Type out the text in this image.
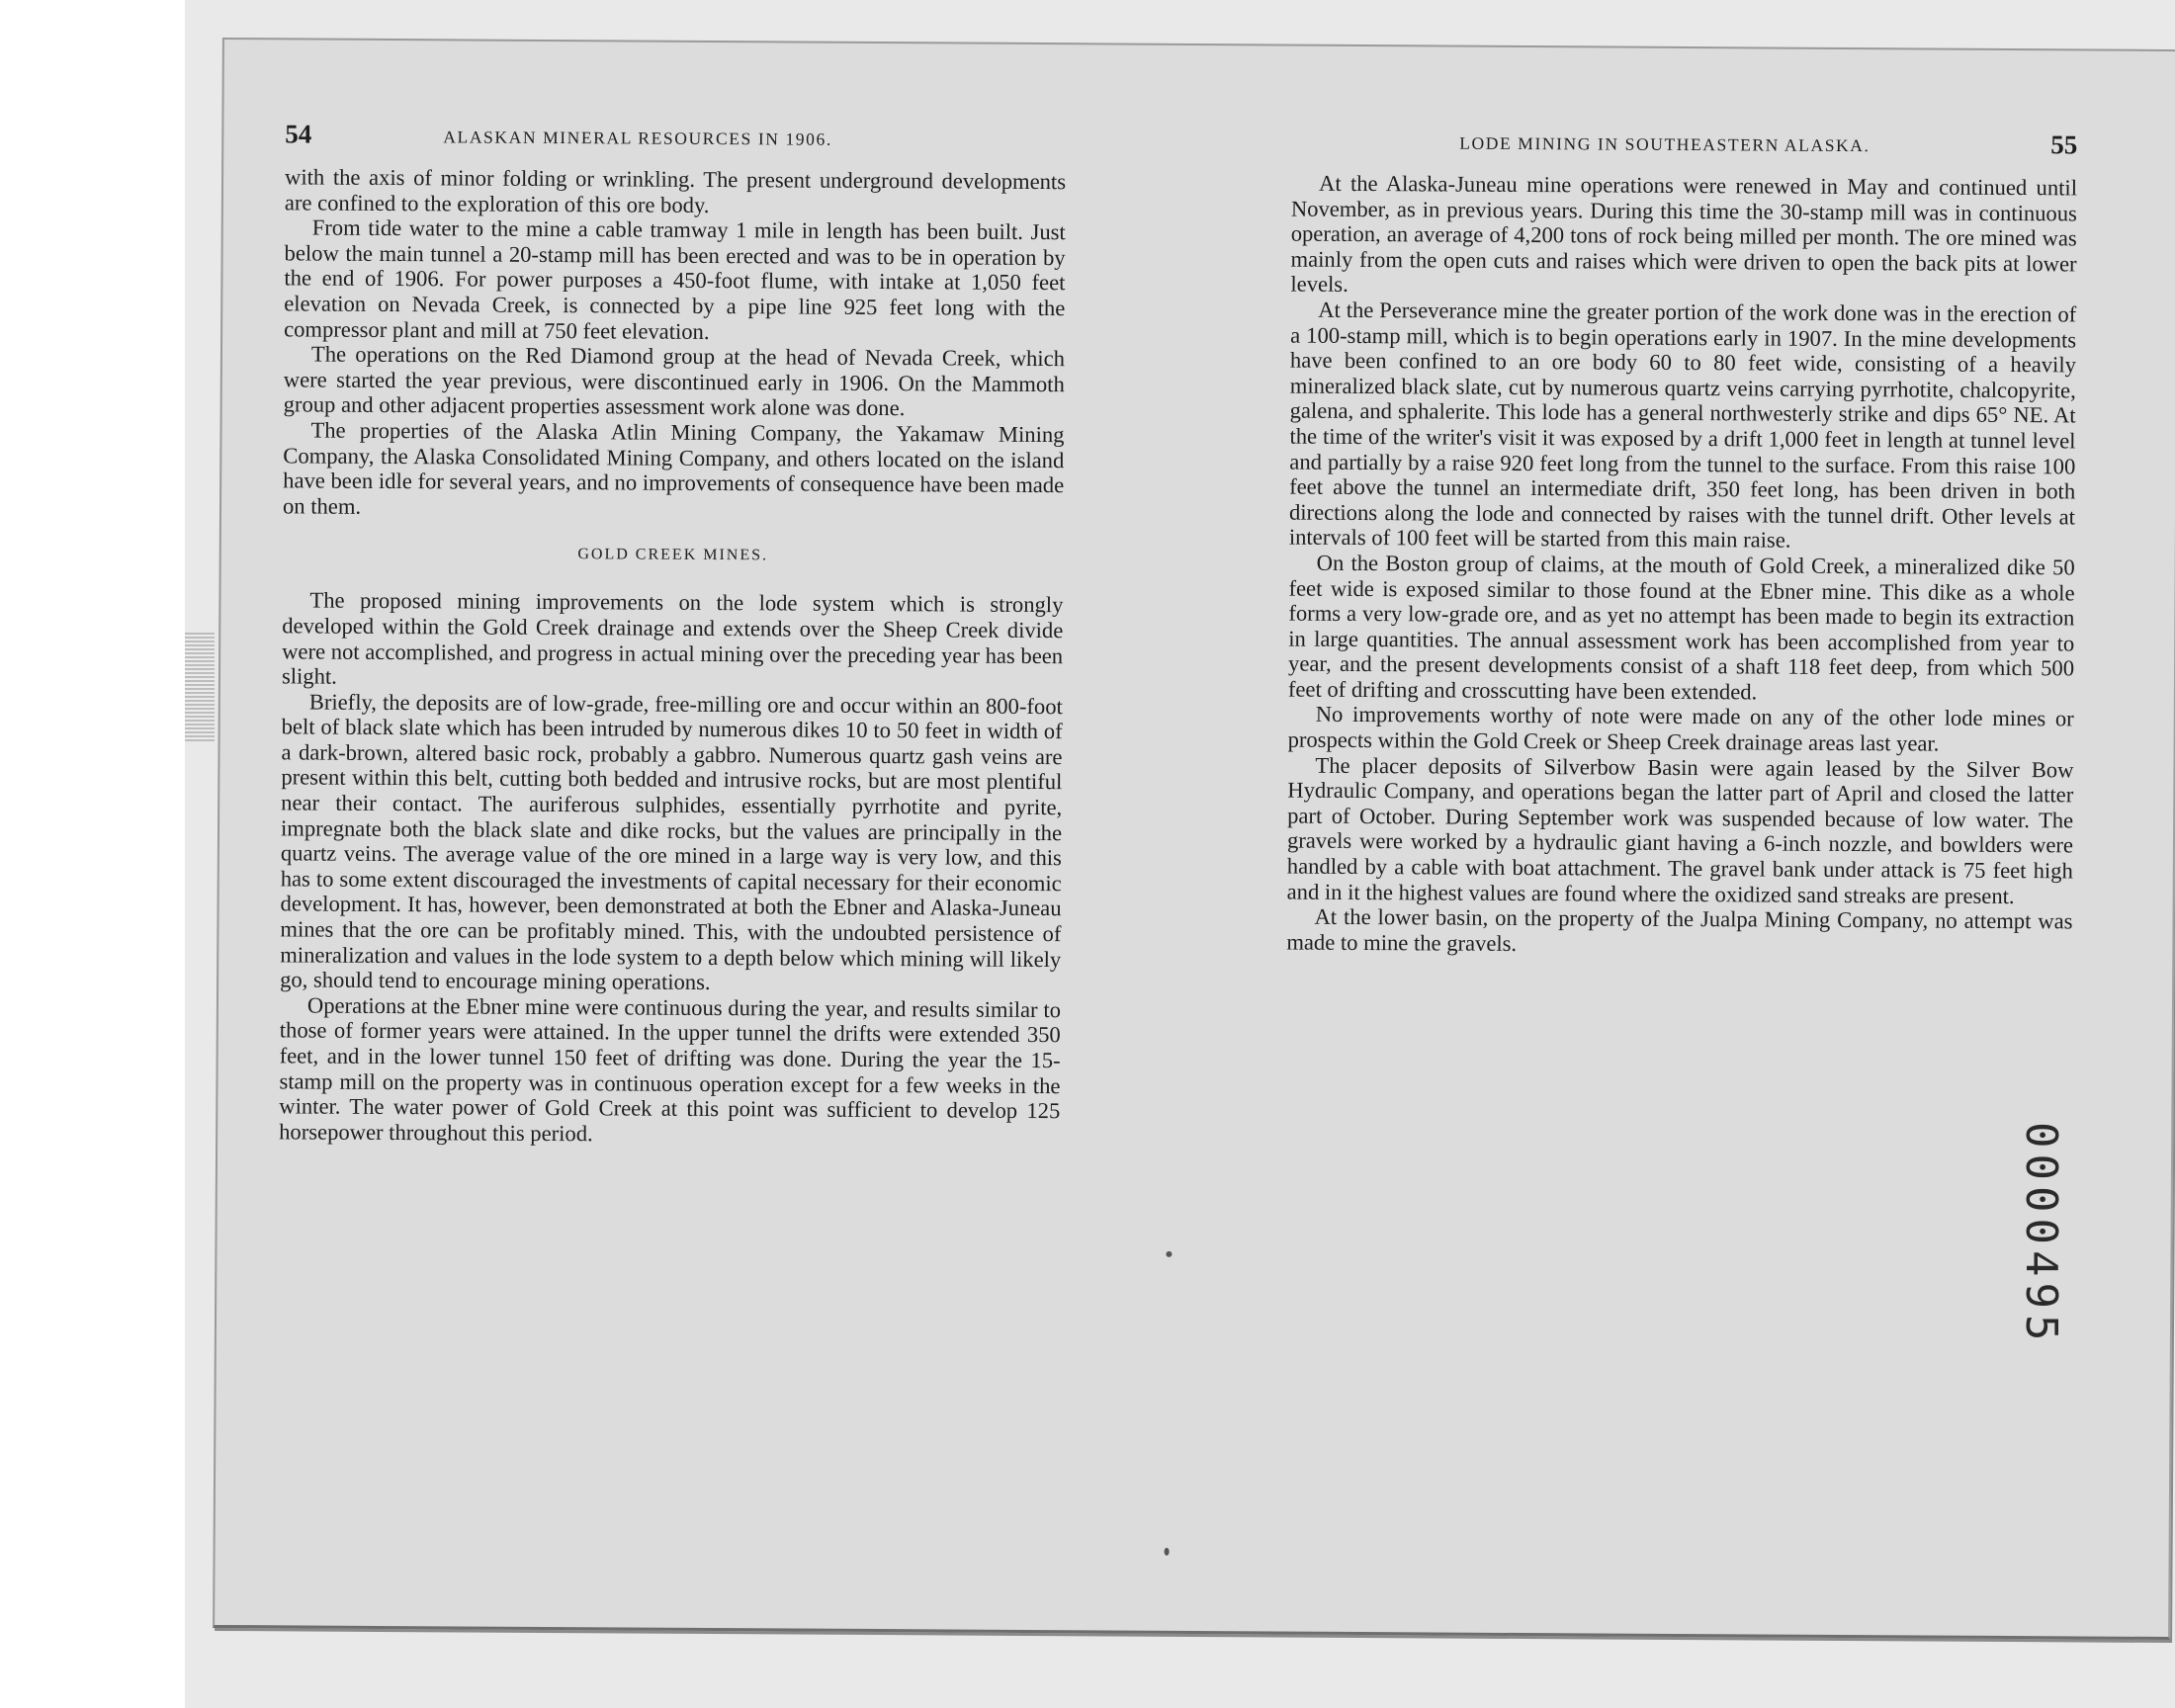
54	ALASKAN MINERAL RESOURCES IN 1906.

with the axis of minor folding or wrinkling. The present underground developments are confined to the exploration of this ore body.

From tide water to the mine a cable tramway 1 mile in length has been built. Just below the main tunnel a 20-stamp mill has been erected and was to be in operation by the end of 1906. For power purposes a 450-foot flume, with intake at 1,050 feet elevation on Nevada Creek, is connected by a pipe line 925 feet long with the compressor plant and mill at 750 feet elevation.

The operations on the Red Diamond group at the head of Nevada Creek, which were started the year previous, were discontinued early in 1906. On the Mammoth group and other adjacent properties assessment work alone was done.

The properties of the Alaska Atlin Mining Company, the Yakamaw Mining Company, the Alaska Consolidated Mining Company, and others located on the island have been idle for several years, and no improvements of consequence have been made on them.

GOLD CREEK MINES.

The proposed mining improvements on the lode system which is strongly developed within the Gold Creek drainage and extends over the Sheep Creek divide were not accomplished, and progress in actual mining over the preceding year has been slight.

Briefly, the deposits are of low-grade, free-milling ore and occur within an 800-foot belt of black slate which has been intruded by numerous dikes 10 to 50 feet in width of a dark-brown, altered basic rock, probably a gabbro. Numerous quartz gash veins are present within this belt, cutting both bedded and intrusive rocks, but are most plentiful near their contact. The auriferous sulphides, essentially pyrrhotite and pyrite, impregnate both the black slate and dike rocks, but the values are principally in the quartz veins. The average value of the ore mined in a large way is very low, and this has to some extent discouraged the investments of capital necessary for their economic development. It has, however, been demonstrated at both the Ebner and Alaska-Juneau mines that the ore can be profitably mined. This, with the undoubted persistence of mineralization and values in the lode system to a depth below which mining will likely go, should tend to encourage mining operations.

Operations at the Ebner mine were continuous during the year, and results similar to those of former years were attained. In the upper tunnel the drifts were extended 350 feet, and in the lower tunnel 150 feet of drifting was done. During the year the 15-stamp mill on the property was in continuous operation except for a few weeks in the winter. The water power of Gold Creek at this point was sufficient to develop 125 horsepower throughout this period.

LODE MINING IN SOUTHEASTERN ALASKA.	55

At the Alaska-Juneau mine operations were renewed in May and continued until November, as in previous years. During this time the 30-stamp mill was in continuous operation, an average of 4,200 tons of rock being milled per month. The ore mined was mainly from the open cuts and raises which were driven to open the back pits at lower levels.

At the Perseverance mine the greater portion of the work done was in the erection of a 100-stamp mill, which is to begin operations early in 1907. In the mine developments have been confined to an ore body 60 to 80 feet wide, consisting of a heavily mineralized black slate, cut by numerous quartz veins carrying pyrrhotite, chalcopyrite, galena, and sphalerite. This lode has a general northwesterly strike and dips 65° NE. At the time of the writer's visit it was exposed by a drift 1,000 feet in length at tunnel level and partially by a raise 920 feet long from the tunnel to the surface. From this raise 100 feet above the tunnel an intermediate drift, 350 feet long, has been driven in both directions along the lode and connected by raises with the tunnel drift. Other levels at intervals of 100 feet will be started from this main raise.

On the Boston group of claims, at the mouth of Gold Creek, a mineralized dike 50 feet wide is exposed similar to those found at the Ebner mine. This dike as a whole forms a very low-grade ore, and as yet no attempt has been made to begin its extraction in large quantities. The annual assessment work has been accomplished from year to year, and the present developments consist of a shaft 118 feet deep, from which 500 feet of drifting and crosscutting have been extended.

No improvements worthy of note were made on any of the other lode mines or prospects within the Gold Creek or Sheep Creek drainage areas last year.

The placer deposits of Silverbow Basin were again leased by the Silver Bow Hydraulic Company, and operations began the latter part of April and closed the latter part of October. During September work was suspended because of low water. The gravels were worked by a hydraulic giant having a 6-inch nozzle, and bowlders were handled by a cable with boat attachment. The gravel bank under attack is 75 feet high and in it the highest values are found where the oxidized sand streaks are present.

At the lower basin, on the property of the Jualpa Mining Company, no attempt was made to mine the gravels.

0000495
